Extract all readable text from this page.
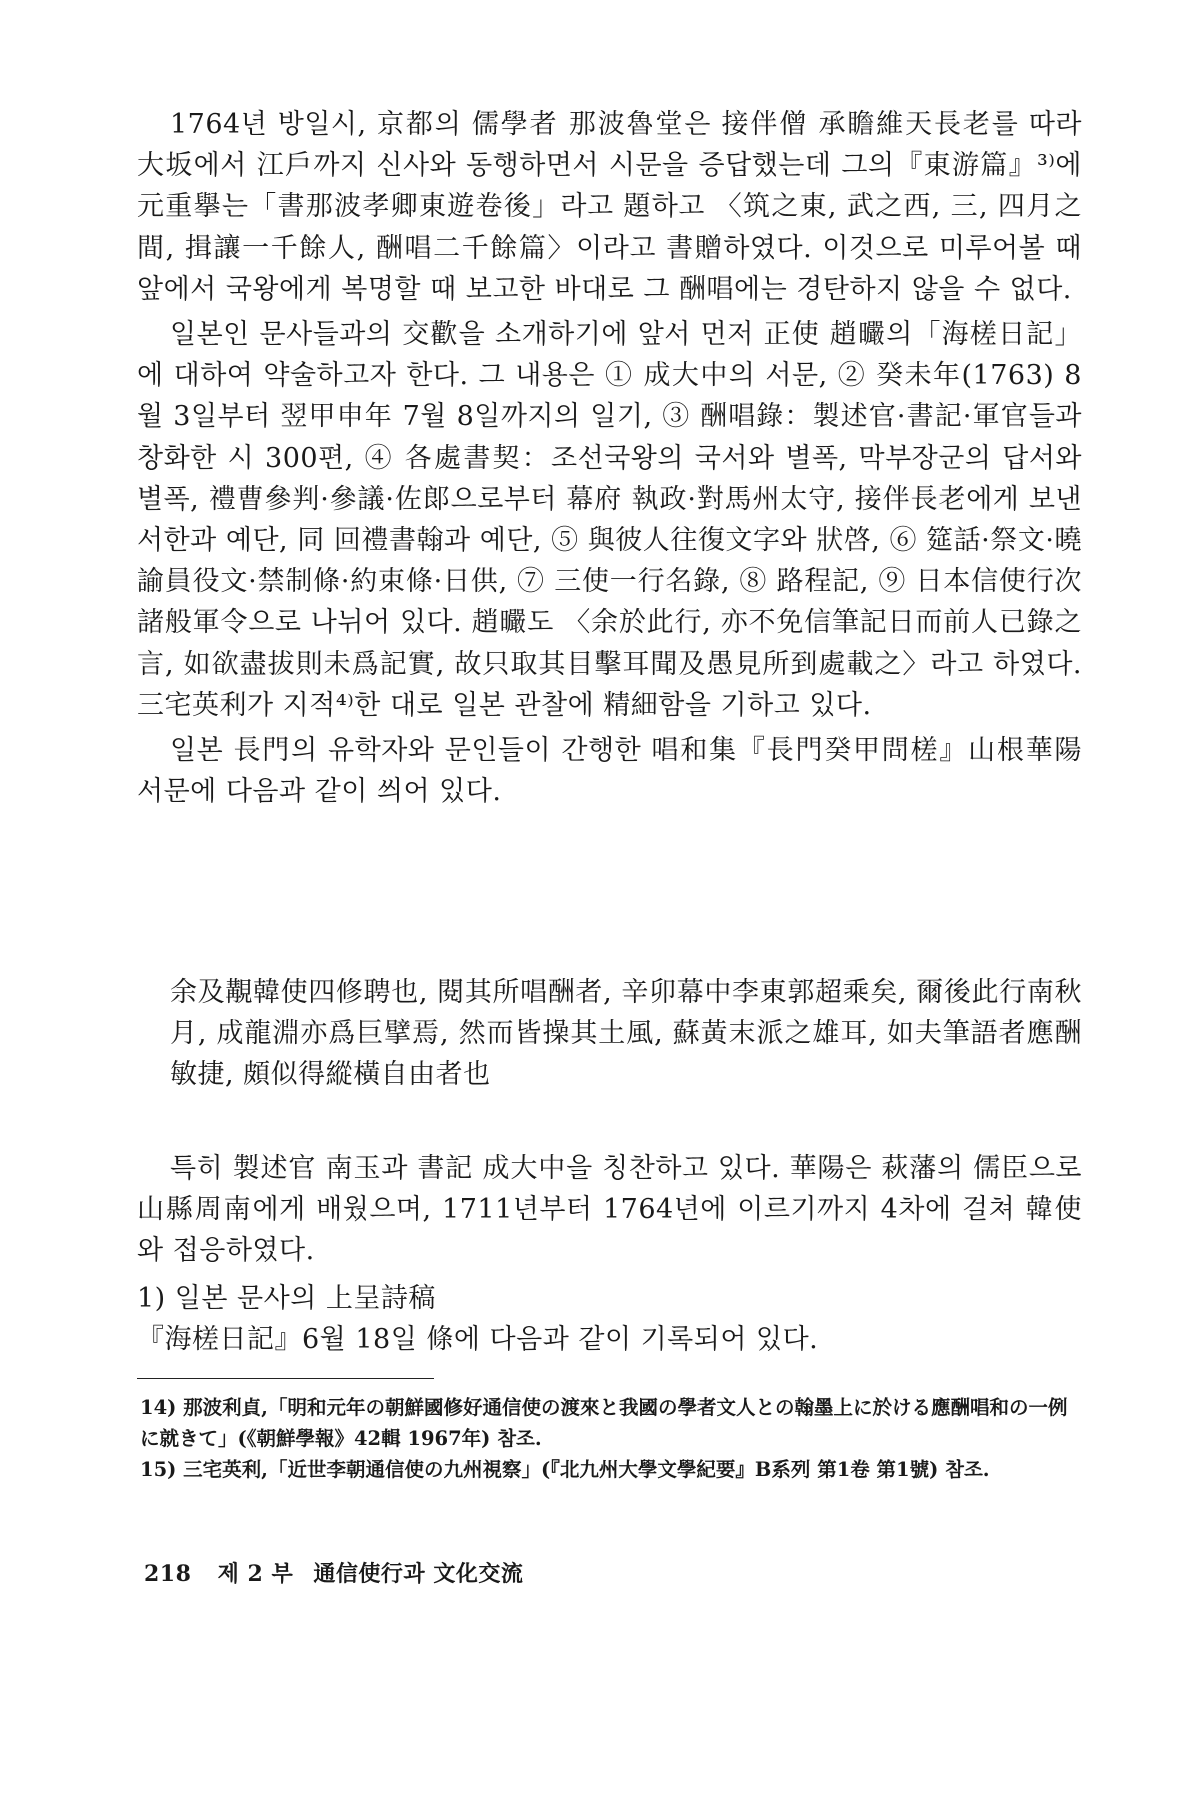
1764년 방일시, 京都의 儒學者 那波魯堂은 接伴僧 承瞻維天長老를 따라 大坂에서 江戶까지 신사와 동행하면서 시문을 증답했는데 그의『東游篇』³⁾에 元重擧는「書那波孝卿東遊卷後」라고 題하고 〈筑之東, 武之西, 三, 四月之間, 揖讓一千餘人, 酬唱二千餘篇〉이라고 書贈하였다. 이것으로 미루어볼 때 앞에서 국왕에게 복명할 때 보고한 바대로 그 酬唱에는 경탄하지 않을 수 없다.

일본인 문사들과의 交歡을 소개하기에 앞서 먼저 正使 趙曮의「海槎日記」에 대하여 약술하고자 한다. 그 내용은 ① 成大中의 서문, ② 癸未年(1763) 8월 3일부터 翌甲申年 7월 8일까지의 일기, ③ 酬唱錄：製述官·書記·軍官들과 창화한 시 300편, ④ 各處書契：조선국왕의 국서와 별폭, 막부장군의 답서와 별폭, 禮曹參判·參議·佐郞으로부터 幕府 執政·對馬州太守, 接伴長老에게 보낸 서한과 예단, 同 回禮書翰과 예단, ⑤ 與彼人往復文字와 狀啓, ⑥ 筵話·祭文·曉諭員役文·禁制條·約束條·日供, ⑦ 三使一行名錄, ⑧ 路程記, ⑨ 日本信使行次諸般軍令으로 나뉘어 있다. 趙曮도 〈余於此行, 亦不免信筆記日而前人已錄之言, 如欲盡拔則未爲記實, 故只取其目擊耳聞及愚見所到處載之〉라고 하였다. 三宅英利가 지적⁴⁾한 대로 일본 관찰에 精細함을 기하고 있다.

일본 長門의 유학자와 문인들이 간행한 唱和集『長門癸甲問槎』山根華陽 서문에 다음과 같이 씌어 있다.

余及覯韓使四修聘也, 閱其所唱酬者, 辛卯幕中李東郭超乘矣, 爾後此行南秋月, 成龍淵亦爲巨擘焉, 然而皆操其土風, 蘇黃末派之雄耳, 如夫筆語者應酬敏捷, 頗似得縱橫自由者也

특히 製述官 南玉과 書記 成大中을 칭찬하고 있다. 華陽은 萩藩의 儒臣으로 山縣周南에게 배웠으며, 1711년부터 1764년에 이르기까지 4차에 걸쳐 韓使와 접응하였다.

1) 일본 문사의 上呈詩稿

『海槎日記』6월 18일 條에 다음과 같이 기록되어 있다.

14) 那波利貞,「明和元年の朝鮮國修好通信使の渡來と我國の學者文人との翰墨上に於ける應酬唱和の一例に就きて」(《朝鮮學報》42輯 1967年) 참조.

15) 三宅英利,「近世李朝通信使の九州視察」(『北九州大學文學紀要』B系列 第1卷 第1號) 참조.

218 제 2 부 通信使行과 文化交流
